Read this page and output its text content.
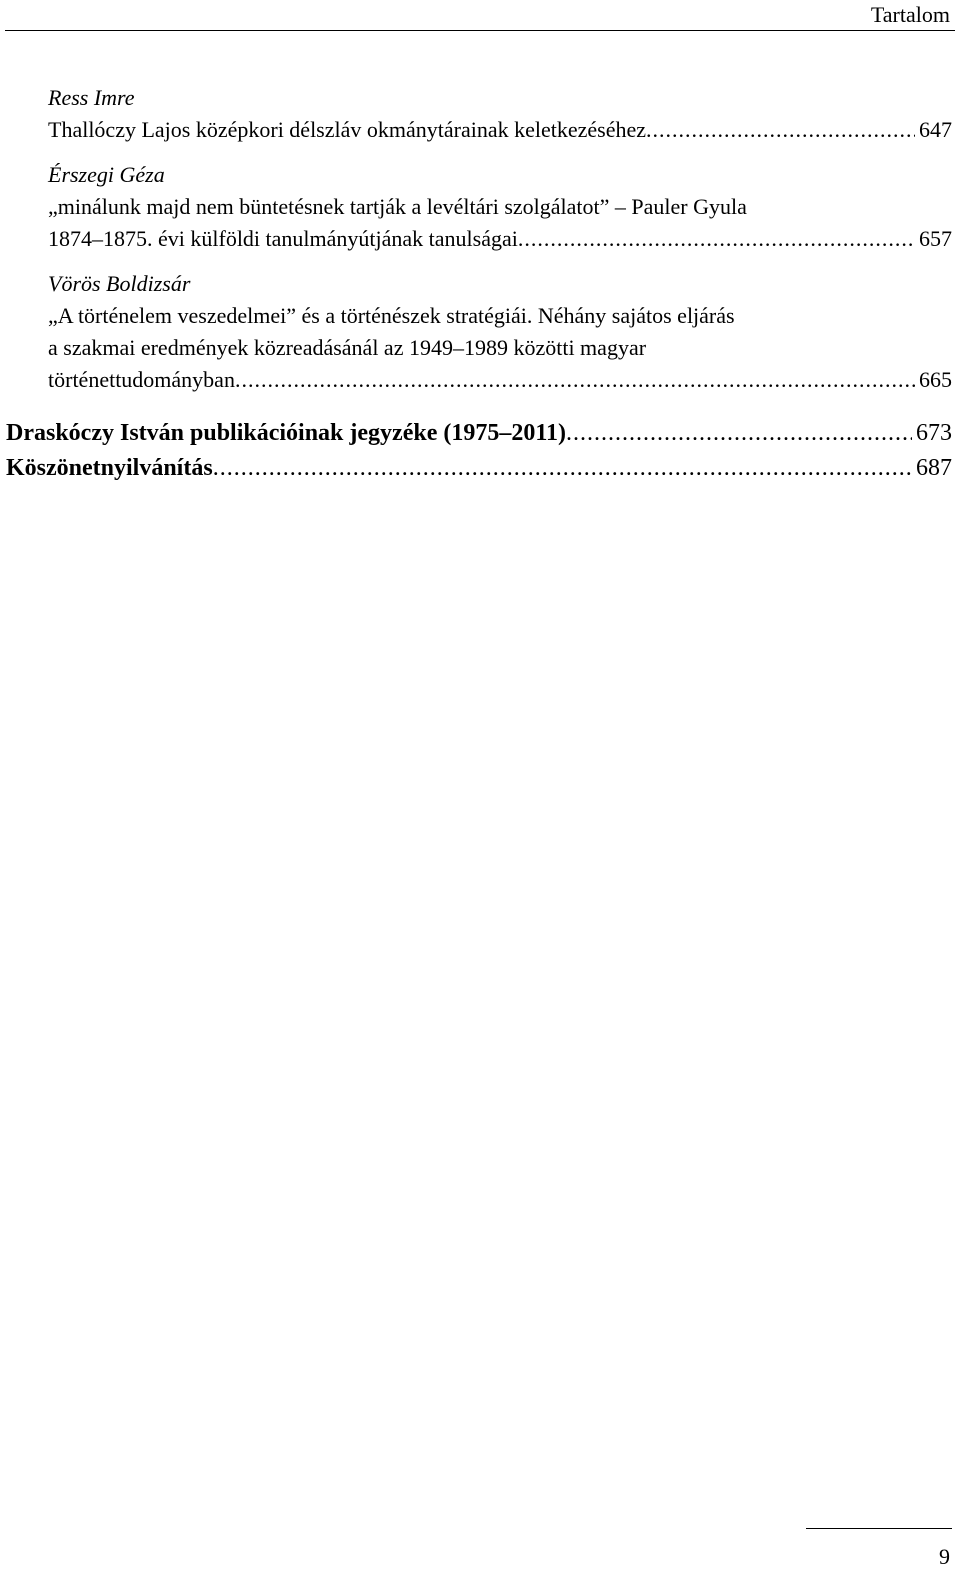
Tartalom
Ress Imre
Thallóczy Lajos középkori délszláv okmánytárainak keletkezéséhez .....	647
Érszegi Géza
„minálunk majd nem büntetésnek tartják a levéltári szolgálatot” – Pauler Gyula
1874–1875. évi külföldi tanulmányútjának tanulságai .....	657
Vörös Boldizsár
„A történelem veszedelmei” és a történészek stratégiái. Néhány sajátos eljárás
a szakmai eredmények közreadásánál az 1949–1989 közötti magyar
történettudományban .....	665
Draskóczy István publikációinak jegyzéke (1975–2011) .....	673
Köszönetnyilvánítás .....	687
9
